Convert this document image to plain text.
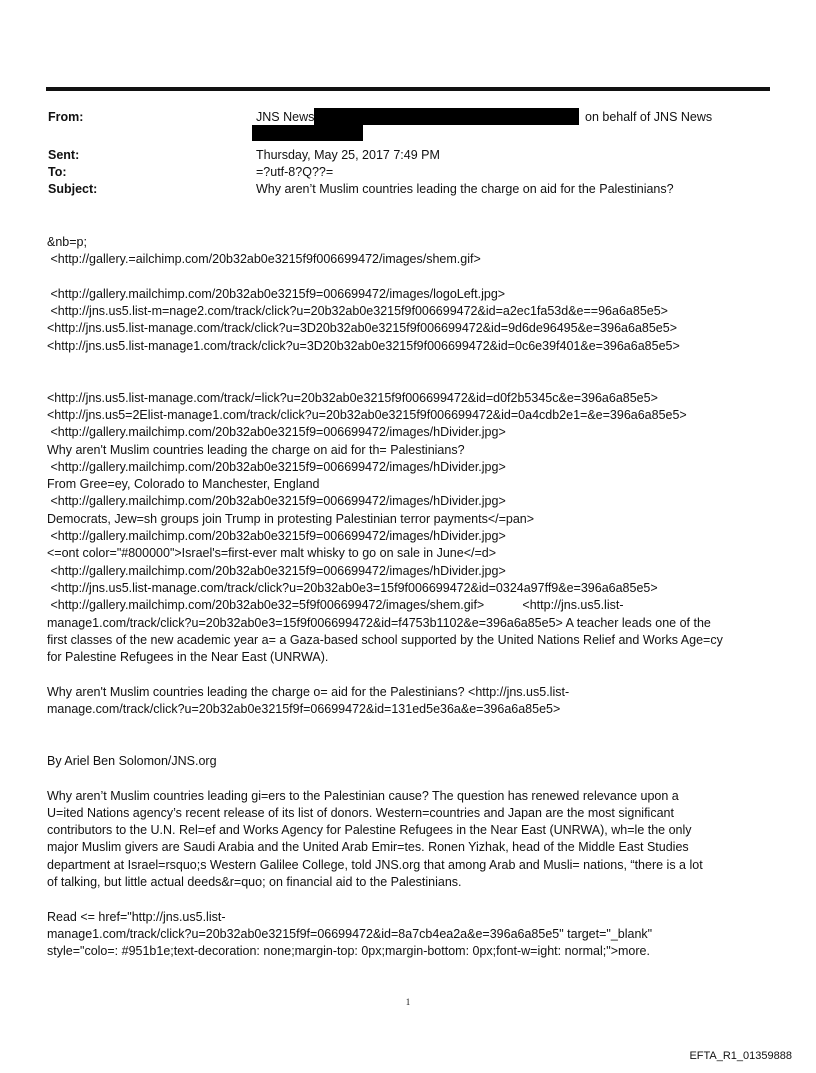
From:	JNS News	on behalf of JNS News
Sent:	Thursday, May 25, 2017 7:49 PM
To:	=?utf-8?Q??=
Subject:	Why aren’t Muslim countries leading the charge on aid for the Palestinians?

&nb=p;

<http://gallery.=ailchimp.com/20b32ab0e3215f9f006699472/images/shem.gif>

<http://gallery.mailchimp.com/20b32ab0e3215f9=006699472/images/logoLeft.jpg>

<http://jns.us5.list-m=nage2.com/track/click?u=20b32ab0e3215f9f006699472&id=a2ec1fa53d&e==96a6a85e5>

<http://jns.us5.list-manage.com/track/click?u=3D20b32ab0e3215f9f006699472&id=9d6de96495&e=396a6a85e5>

<http://jns.us5.list-manage1.com/track/click?u=3D20b32ab0e3215f9f006699472&id=0c6e39f401&e=396a6a85e5>

<http://jns.us5.list-manage.com/track/=lick?u=20b32ab0e3215f9f006699472&id=d0f2b5345c&e=396a6a85e5>

<http://jns.us5=2Elist-manage1.com/track/click?u=20b32ab0e3215f9f006699472&id=0a4cdb2e1=&e=396a6a85e5>

<http://gallery.mailchimp.com/20b32ab0e3215f9=006699472/images/hDivider.jpg>

Why aren't Muslim countries leading the charge on aid for th= Palestinians?

<http://gallery.mailchimp.com/20b32ab0e3215f9=006699472/images/hDivider.jpg>

From Gree=ey, Colorado to Manchester, England

<http://gallery.mailchimp.com/20b32ab0e3215f9=006699472/images/hDivider.jpg>

Democrats, Jew=sh groups join Trump in protesting Palestinian terror payments</=pan>

<http://gallery.mailchimp.com/20b32ab0e3215f9=006699472/images/hDivider.jpg>

<=ont color="#800000">Israel's=first-ever malt whisky to go on sale in June</=d>

<http://gallery.mailchimp.com/20b32ab0e3215f9=006699472/images/hDivider.jpg>

<http://jns.us5.list-manage.com/track/click?u=20b32ab0e3=15f9f006699472&id=0324a97ff9&e=396a6a85e5>

<http://gallery.mailchimp.com/20b32ab0e32=5f9f006699472/images/shem.gif>           <http://jns.us5.list-

manage1.com/track/click?u=20b32ab0e3=15f9f006699472&id=f4753b1102&e=396a6a85e5> A teacher leads one of the

first classes of the new academic year a= a Gaza-based school supported by the United Nations Relief and Works Age=cy

for Palestine Refugees in the Near East (UNRWA).

Why aren't Muslim countries leading the charge o= aid for the Palestinians? <http://jns.us5.list-

manage.com/track/click?u=20b32ab0e3215f9f=06699472&id=131ed5e36a&e=396a6a85e5>

By Ariel Ben Solomon/JNS.org

Why aren’t Muslim countries leading gi=ers to the Palestinian cause? The question has renewed relevance upon a

U=ited Nations agency’s recent release of its list of donors. Western=countries and Japan are the most significant

contributors to the U.N. Rel=ef and Works Agency for Palestine Refugees in the Near East (UNRWA), wh=le the only

major Muslim givers are Saudi Arabia and the United Arab Emir=tes. Ronen Yizhak, head of the Middle East Studies

department at Israel=rsquo;s Western Galilee College, told JNS.org that among Arab and Musli= nations, “there is a lot

of talking, but little actual deeds&r=quo; on financial aid to the Palestinians.

Read <= href="http://jns.us5.list-

manage1.com/track/click?u=20b32ab0e3215f9f=06699472&id=8a7cb4ea2a&e=396a6a85e5" target="_blank"

style="colo=: #951b1e;text-decoration: none;margin-top: 0px;margin-bottom: 0px;font-w=ight: normal;">more.

1
EFTA_R1_01359888
